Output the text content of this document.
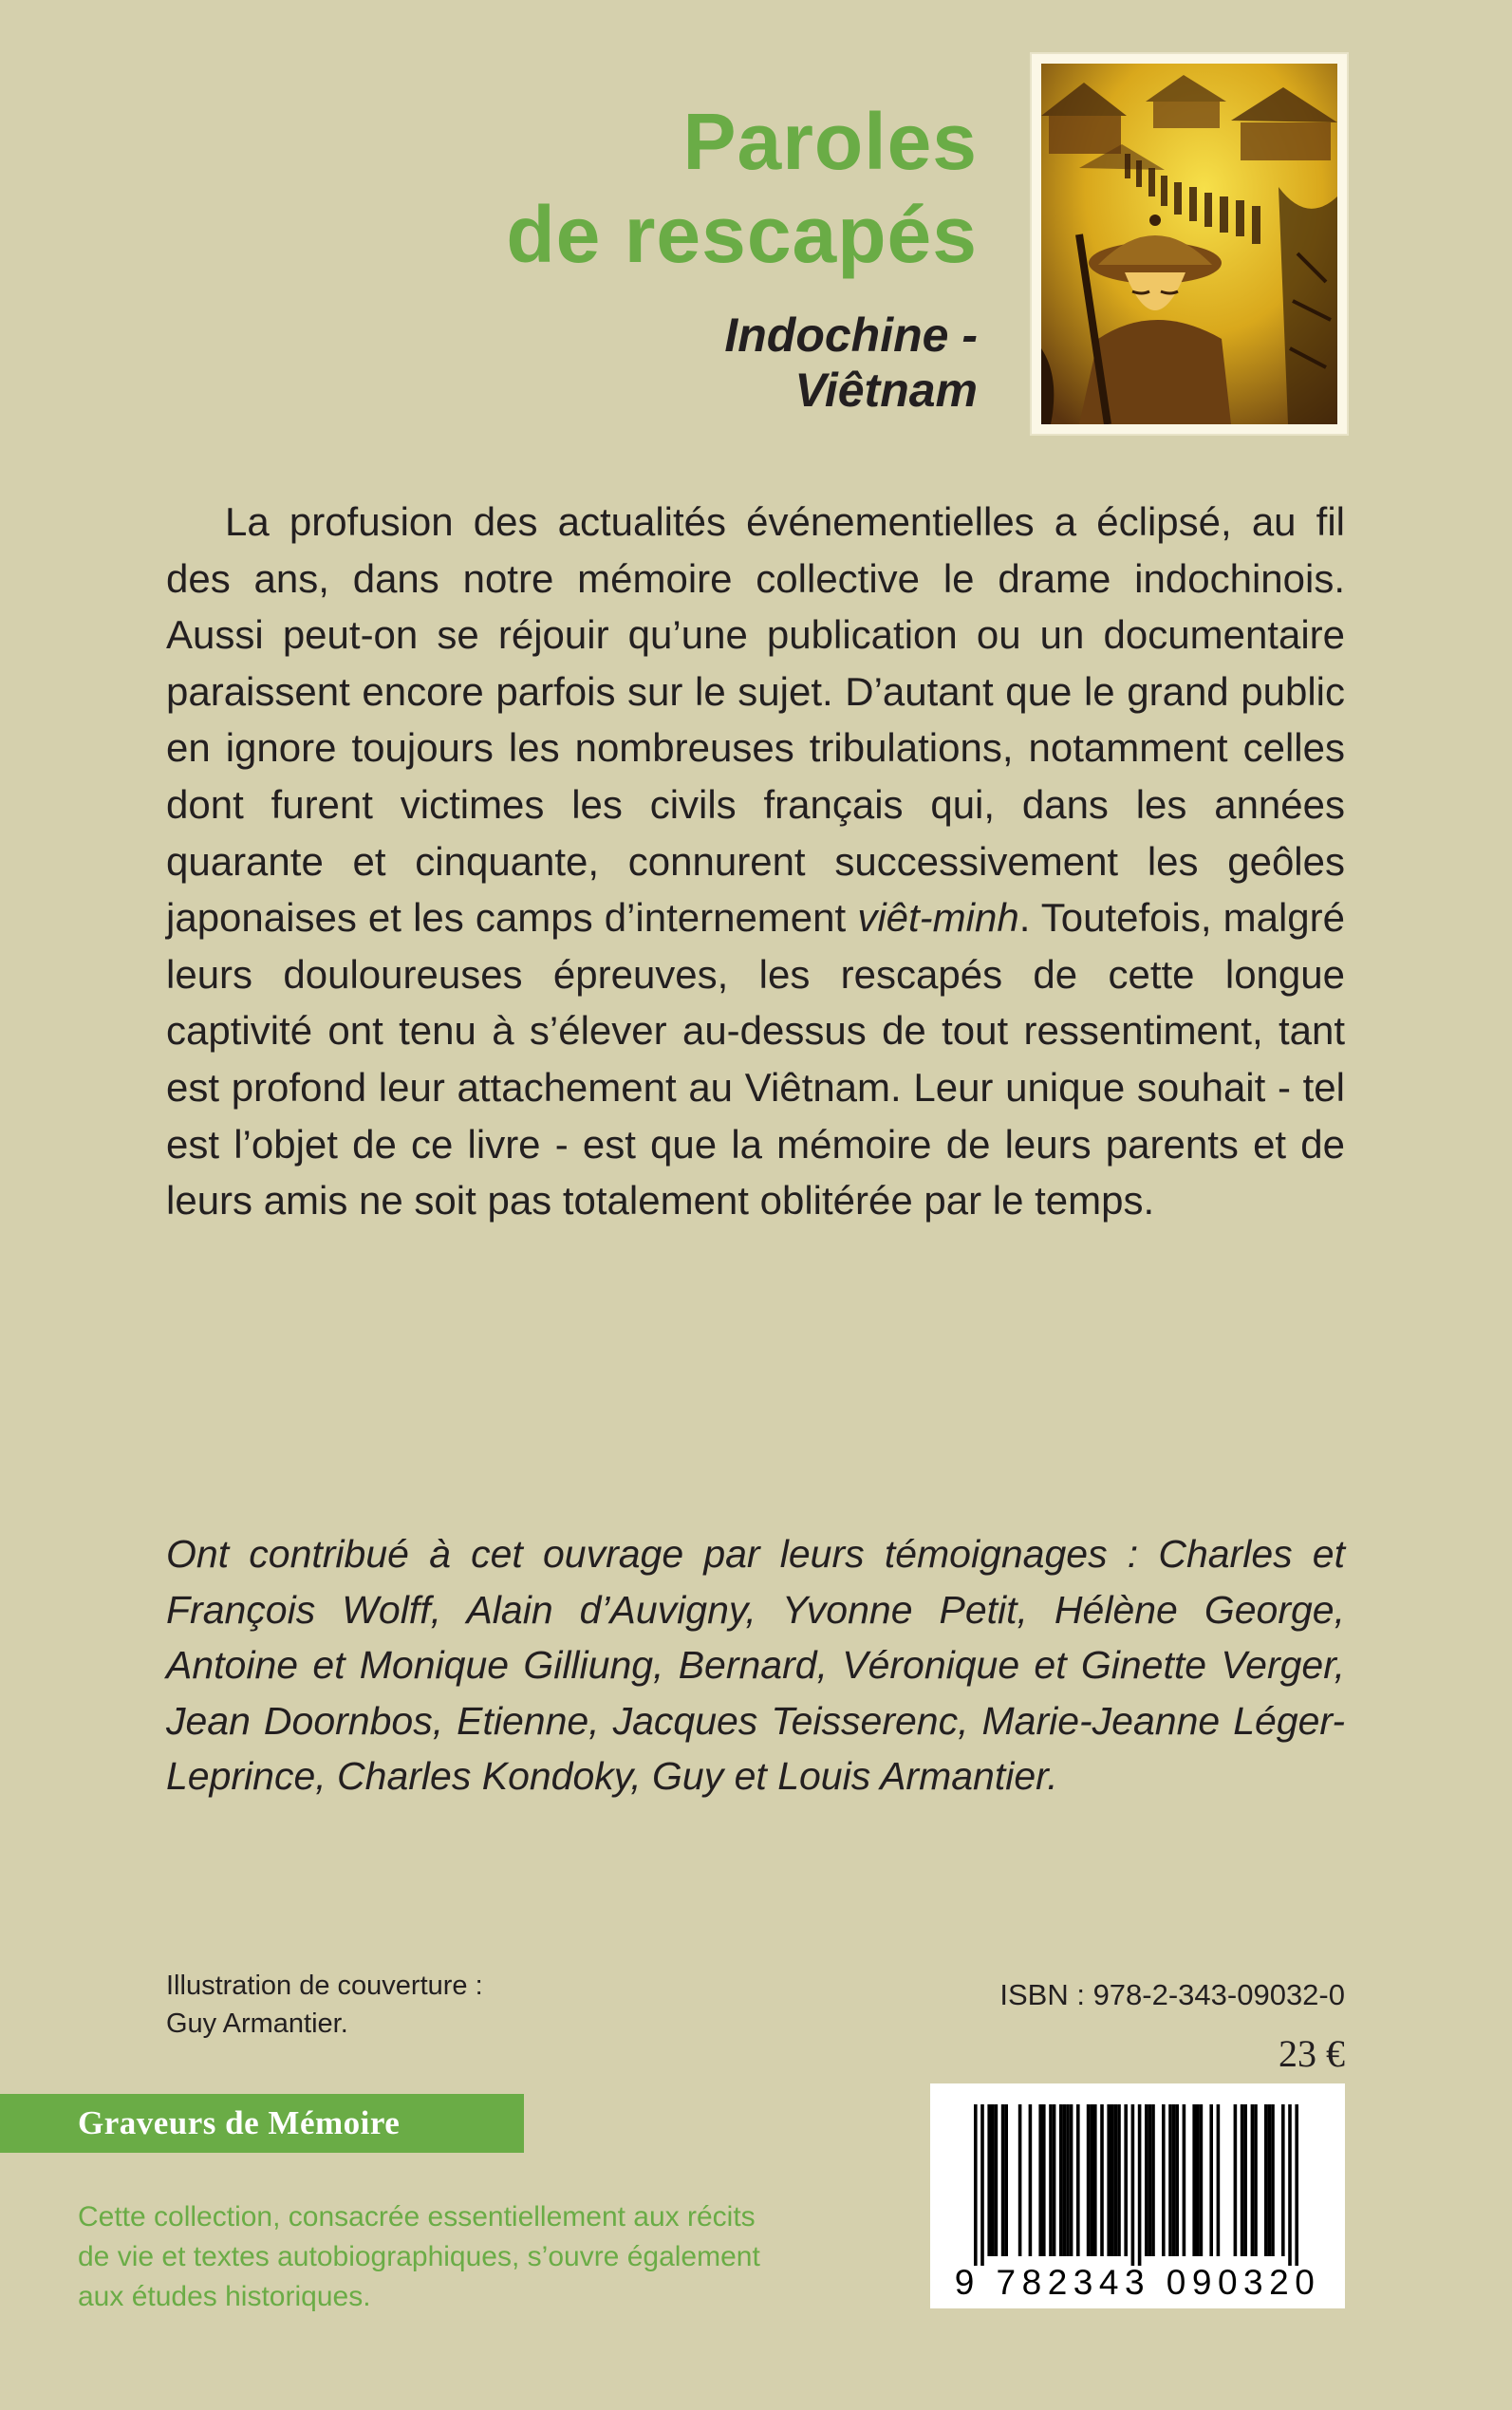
Paroles
de rescapés
Indochine -
Viêtnam

La profusion des actualités événementielles a éclipsé, au fil des ans, dans notre mémoire collective le drame indochinois. Aussi peut-on se réjouir qu’une publication ou un documentaire paraissent encore parfois sur le sujet. D’autant que le grand public en ignore toujours les nombreuses tribulations, notamment celles dont furent victimes les civils français qui, dans les années quarante et cinquante, connurent successivement les geôles japonaises et les camps d’internement viêt-minh. Toutefois, malgré leurs douloureuses épreuves, les rescapés de cette longue captivité ont tenu à s’élever au-dessus de tout ressentiment, tant est profond leur attachement au Viêtnam. Leur unique souhait - tel est l’objet de ce livre - est que la mémoire de leurs parents et de leurs amis ne soit pas totalement oblitérée par le temps.

Ont contribué à cet ouvrage par leurs témoignages : Charles et François Wolff, Alain d’Auvigny, Yvonne Petit, Hélène George, Antoine et Monique Gilliung, Bernard, Véronique et Ginette Verger, Jean Doornbos, Etienne, Jacques Teisserenc, Marie-Jeanne Léger-Leprince, Charles Kondoky, Guy et Louis Armantier.

Illustration de couverture :
Guy Armantier.
ISBN : 978-2-343-09032-0
23 €
Graveurs de Mémoire
Cette collection, consacrée essentiellement aux récits
de vie et textes autobiographiques, s’ouvre également
aux études historiques.	9 782343 090320
